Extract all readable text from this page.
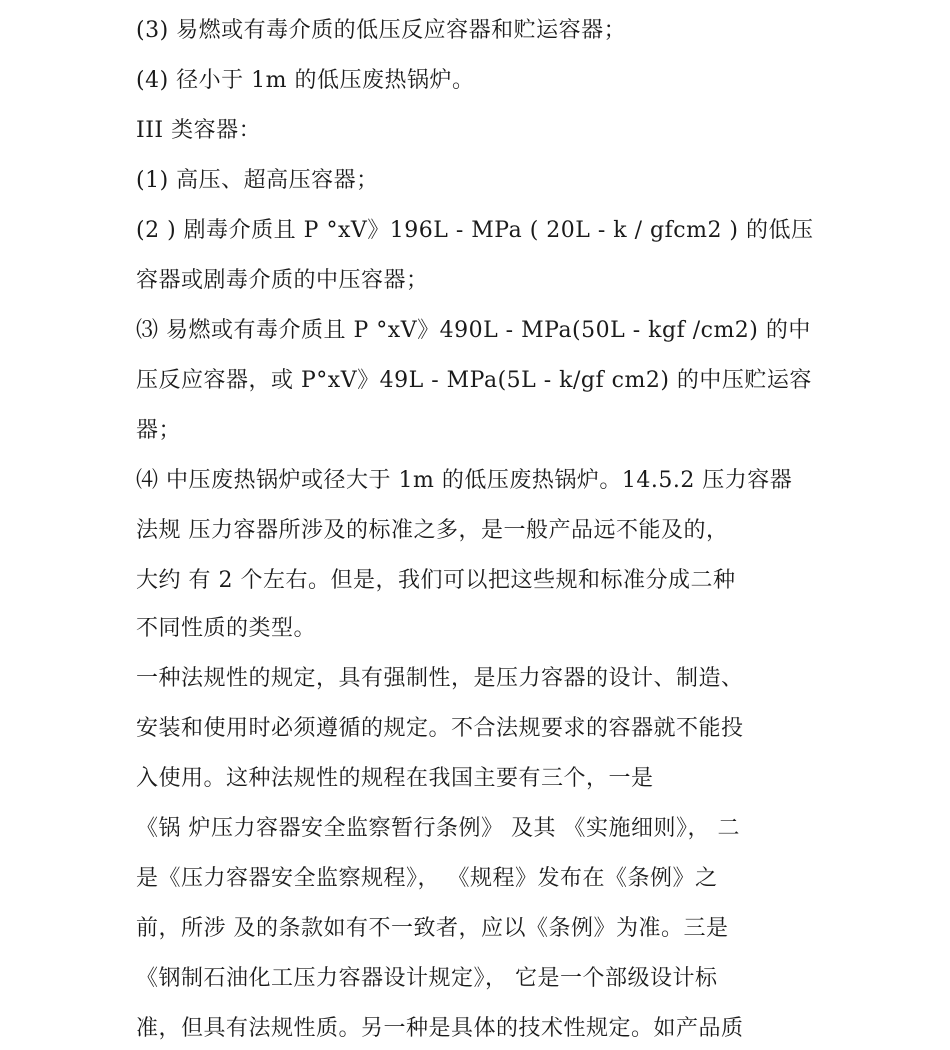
(3) 易燃或有毒介质的低压反应容器和贮运容器；
(4) 径小于 1m 的低压废热锅炉。
III 类容器：
(1) 高压、超高压容器；
(2 ) 剧毒介质且 P °xV》196L - MPa ( 20L - k / gfcm2 ) 的低压
容器或剧毒介质的中压容器；
⑶ 易燃或有毒介质且 P °xV》490L - MPa(50L - kgf /cm2) 的中
压反应容器，或 P°xV》49L - MPa(5L - k/gf cm2) 的中压贮运容
器；
⑷ 中压废热锅炉或径大于 1m 的低压废热锅炉。14.5.2 压力容器
法规 压力容器所涉及的标准之多，是一般产品远不能及的，
大约 有 2 个左右。但是，我们可以把这些规和标准分成二种
不同性质的类型。
一种法规性的规定，具有强制性，是压力容器的设计、制造、
安装和使用时必须遵循的规定。不合法规要求的容器就不能投
入使用。这种法规性的规程在我国主要有三个，一是
《锅 炉压力容器安全监察暂行条例》 及其 《实施细则》， 二
是《压力容器安全监察规程》， 《规程》发布在《条例》之
前，所涉 及的条款如有不一致者，应以《条例》为准。三是
《钢制石油化工压力容器设计规定》， 它是一个部级设计标
准，但具有法规性质。另一种是具体的技术性规定。如产品质
